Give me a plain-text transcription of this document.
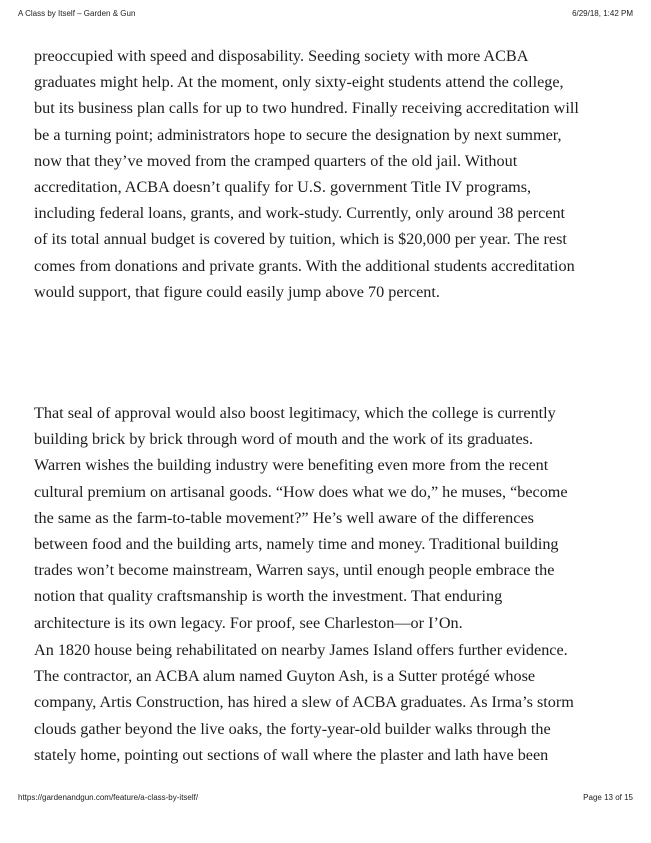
A Class by Itself – Garden & Gun	6/29/18, 1:42 PM
preoccupied with speed and disposability. Seeding society with more ACBA
graduates might help. At the moment, only sixty-eight students attend the college,
but its business plan calls for up to two hundred. Finally receiving accreditation will
be a turning point; administrators hope to secure the designation by next summer,
now that they’ve moved from the cramped quarters of the old jail. Without
accreditation, ACBA doesn’t qualify for U.S. government Title IV programs,
including federal loans, grants, and work-study. Currently, only around 38 percent
of its total annual budget is covered by tuition, which is $20,000 per year. The rest
comes from donations and private grants. With the additional students accreditation
would support, that figure could easily jump above 70 percent.
That seal of approval would also boost legitimacy, which the college is currently
building brick by brick through word of mouth and the work of its graduates.
Warren wishes the building industry were benefiting even more from the recent
cultural premium on artisanal goods. “How does what we do,” he muses, “become
the same as the farm-to-table movement?” He’s well aware of the differences
between food and the building arts, namely time and money. Traditional building
trades won’t become mainstream, Warren says, until enough people embrace the
notion that quality craftsmanship is worth the investment. That enduring
architecture is its own legacy. For proof, see Charleston—or I’On.
An 1820 house being rehabilitated on nearby James Island offers further evidence.
The contractor, an ACBA alum named Guyton Ash, is a Sutter protégé whose
company, Artis Construction, has hired a slew of ACBA graduates. As Irma’s storm
clouds gather beyond the live oaks, the forty-year-old builder walks through the
stately home, pointing out sections of wall where the plaster and lath have been
https://gardenandgun.com/feature/a-class-by-itself/	Page 13 of 15
